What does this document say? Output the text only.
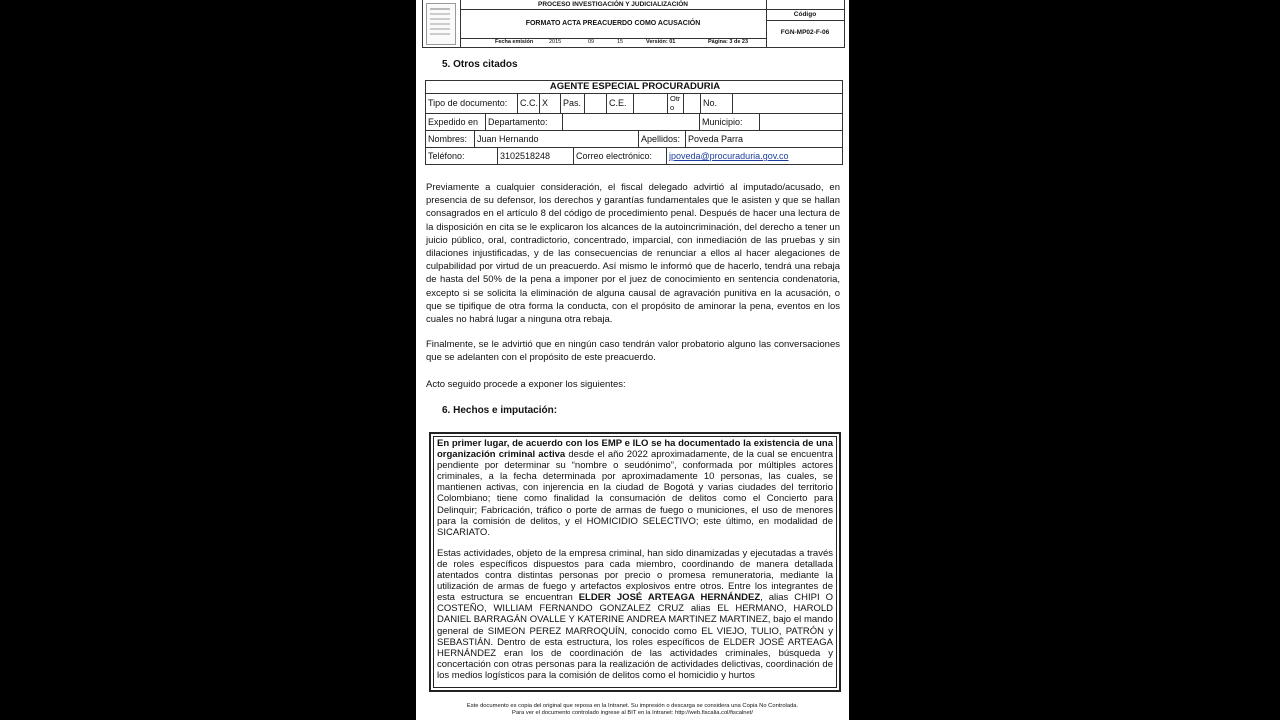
PROCESO INVESTIGACIÓN Y JUDICIALIZACIÓN
FORMATO ACTA PREACUERDO COMO ACUSACIÓN
Código
FGN-MP02-F-06
Fecha emisión	2015	09	15	Versión: 01	Página: 3 de 23
5. Otros citados
AGENTE ESPECIAL PROCURADURIA
Tipo de documento:	C.C. X	Pas.	C.E.	Otr o	No.
Expedido en	Departamento:	Municipio:
Nombres:	Juan Hernando	Apellidos: Poveda Parra
Teléfono:	3102518248	Correo electrónico:	jpoveda@procuraduria.gov.co
Previamente a cualquier consideración, el fiscal delegado advirtió al imputado/acusado, en presencia de su defensor, los derechos y garantías fundamentales que le asisten y que se hallan consagrados en el artículo 8 del código de procedimiento penal. Después de hacer una lectura de la disposición en cita se le explicaron los alcances de la autoincriminación, del derecho a tener un juicio público, oral, contradictorio, concentrado, imparcial, con inmediación de las pruebas y sin dilaciones injustificadas, y de las consecuencias de renunciar a ellos al hacer alegaciones de culpabilidad por virtud de un preacuerdo. Así mismo le informó que de hacerlo, tendrá una rebaja de hasta del 50% de la pena a imponer por el juez de conocimiento en sentencia condenatoria, excepto si se solicita la eliminación de alguna causal de agravación punitiva en la acusación, o que se tipifique de otra forma la conducta, con el propósito de aminorar la pena, eventos en los cuales no habrá lugar a ninguna otra rebaja.
Finalmente, se le advirtió que en ningún caso tendrán valor probatorio alguno las conversaciones que se adelanten con el propósito de este preacuerdo.
Acto seguido procede a exponer los siguientes:
6. Hechos e imputación:

En primer lugar, de acuerdo con los EMP e ILO se ha documentado la existencia de una organización criminal activa desde el año 2022 aproximadamente, de la cual se encuentra pendiente por determinar su “nombre o seudónimo”, conformada por múltiples actores criminales, a la fecha determinada por aproximadamente 10 personas, las cuales, se mantienen activas, con injerencia en la ciudad de Bogotá y varias ciudades del territorio Colombiano; tiene como finalidad la consumación de delitos como el Concierto para Delinquir; Fabricación, tráfico o porte de armas de fuego o municiones, el uso de menores para la comisión de delitos, y el HOMICIDIO SELECTIVO; este último, en modalidad de SICARIATO.

Estas actividades, objeto de la empresa criminal, han sido dinamizadas y ejecutadas a través de roles específicos dispuestos para cada miembro, coordinando de manera detallada atentados contra distintas personas por precio o promesa remuneratoria, mediante la utilización de armas de fuego y artefactos explosivos entre otros. Entre los integrantes de esta estructura se encuentran ELDER JOSÉ ARTEAGA HERNÁNDEZ, alias CHIPI O COSTEÑO, WILLIAM FERNANDO GONZALEZ CRUZ alias EL HERMANO, HAROLD DANIEL BARRAGÁN OVALLE Y KATERINE ANDREA MARTINEZ MARTINEZ, bajo el mando general de SIMEON PEREZ MARROQUÍN, conocido como EL VIEJO, TULIO, PATRÓN y SEBASTIÁN. Dentro de esta estructura, los roles específicos de ELDER JOSÉ ARTEAGA HERNÁNDEZ eran los de coordinación de las actividades criminales, búsqueda y concertación con otras personas para la realización de actividades delictivas, coordinación de los medios logísticos para la comisión de delitos como el homicidio y hurtos

Este documento es copia del original que reposa en la Intranet. Su impresión o descarga se considera una Copia No Controlada.
Para ver el documento controlado ingrese al BIT en la Intranet: http://web.fiscalia.col/fiscalnet/
